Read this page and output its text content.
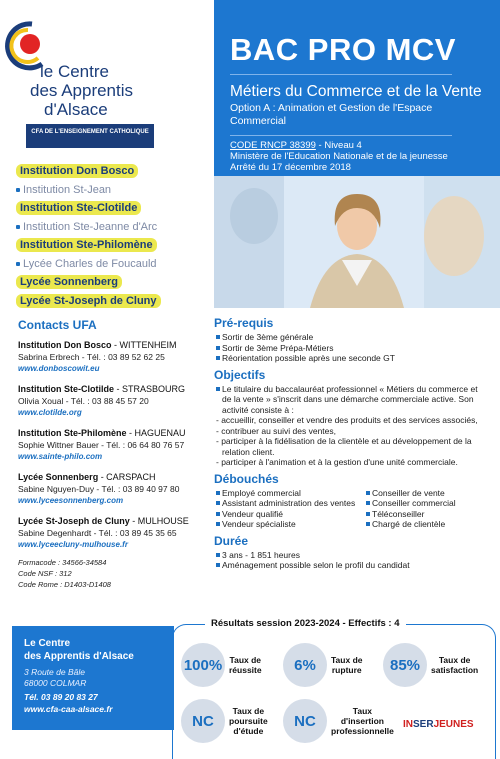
le Centre
des Apprentis
d'Alsace
CFA DE L'ENSEIGNEMENT CATHOLIQUE
Institution Don Bosco
Institution St-Jean
Institution Ste-Clotilde
Institution Ste-Jeanne d'Arc
Institution Ste-Philomène
Lycée Charles de Foucauld
Lycée Sonnenberg
Lycée St-Joseph de Cluny
Contacts UFA
Institution Don Bosco - WITTENHEIM
Sabrina Erbrech - Tél. : 03 89 52 62 25
www.donboscowit.eu
Institution Ste-Clotilde - STRASBOURG
Olivia Xoual - Tél. : 03 88 45 57 20
www.clotilde.org
Institution Ste-Philomène - HAGUENAU
Sophie Wittner Bauer - Tél. : 06 64 80 76 57
www.sainte-philo.com
Lycée Sonnenberg - CARSPACH
Sabine Nguyen-Duy - Tél. : 03 89 40 97 80
www.lyceesonnenberg.com
Lycée St-Joseph de Cluny - MULHOUSE
Sabine Degenhardt - Tél. : 03 89 45 35 65
www.lyceecluny-mulhouse.fr
Formacode : 34566-34584
Code NSF : 312
Code Rome : D1403-D1408
Le Centre
des Apprentis d'Alsace
3 Route de Bâle
68000 COLMAR
Tél. 03 89 20 83 27
www.cfa-caa-alsace.fr
BAC PRO MCV
Métiers du Commerce et de la Vente
Option A : Animation et Gestion de l'Espace Commercial
CODE RNCP 38399 - Niveau 4
Ministère de l'Education Nationale et de la jeunesse
Arrêté du 17 décembre 2018
Pré-requis
Sortir de 3ème générale
Sortir de 3ème Prépa-Métiers
Réorientation possible après une seconde GT
Objectifs
Le titulaire du baccalauréat professionnel « Métiers du commerce et
de la vente » s'inscrit dans une démarche commerciale active. Son
activité consiste à :
- accueillir, conseiller et vendre des produits et des services associés,
- contribuer au suivi des ventes,
- participer à la fidélisation de la clientèle et au développement de la
relation client.
- participer à l'animation et à la gestion d'une unité commerciale.
Débouchés
Employé commercial	Conseiller de vente
Assistant administration des ventes	Conseiller commercial
Vendeur qualifié	Téléconseiller
Vendeur spécialiste	Chargé de clientèle
Durée
3 ans - 1 851 heures
Aménagement possible selon le profil du candidat
Résultats session 2023-2024 - Effectifs : 4
100% Taux de
réussite	6%	Taux de
rupture	85%	Taux de
satisfaction
NC
Taux de
poursuite
d'étude
NC
Taux
d'insertion
professionnelle
INSERJEUNES
